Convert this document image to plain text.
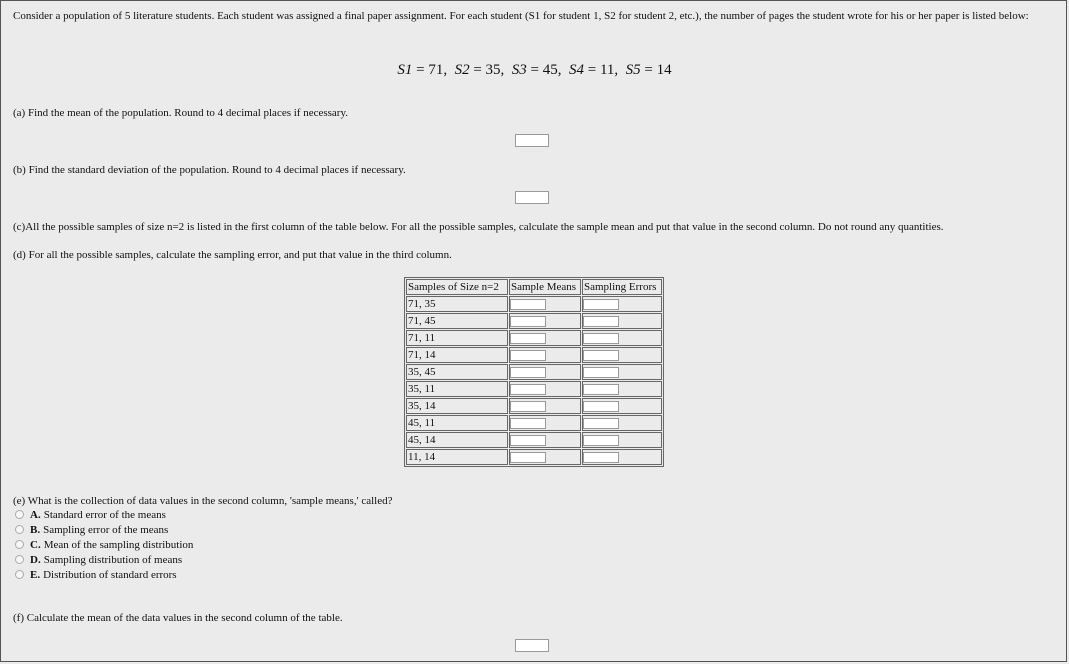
Consider a population of 5 literature students. Each student was assigned a final paper assignment. For each student (S1 for student 1, S2 for student 2, etc.), the number of pages the student wrote for his or her paper is listed below:
S1 = 71,  S2 = 35,  S3 = 45,  S4 = 11,  S5 = 14
(a) Find the mean of the population. Round to 4 decimal places if necessary.
(b) Find the standard deviation of the population. Round to 4 decimal places if necessary.
(c)All the possible samples of size n=2 is listed in the first column of the table below. For all the possible samples, calculate the sample mean and put that value in the second column. Do not round any quantities.
(d) For all the possible samples, calculate the sampling error, and put that value in the third column.
Samples of Size n=2	Sample Means	Sampling Errors
71, 35	

71, 45	

71, 11	

71, 14	

35, 45	

35, 11	

35, 14	

45, 11	

45, 14	

11, 14	

(e) What is the collection of data values in the second column, 'sample means,' called?
A. Standard error of the means
B. Sampling error of the means
C. Mean of the sampling distribution
D. Sampling distribution of means
E. Distribution of standard errors
(f) Calculate the mean of the data values in the second column of the table.
